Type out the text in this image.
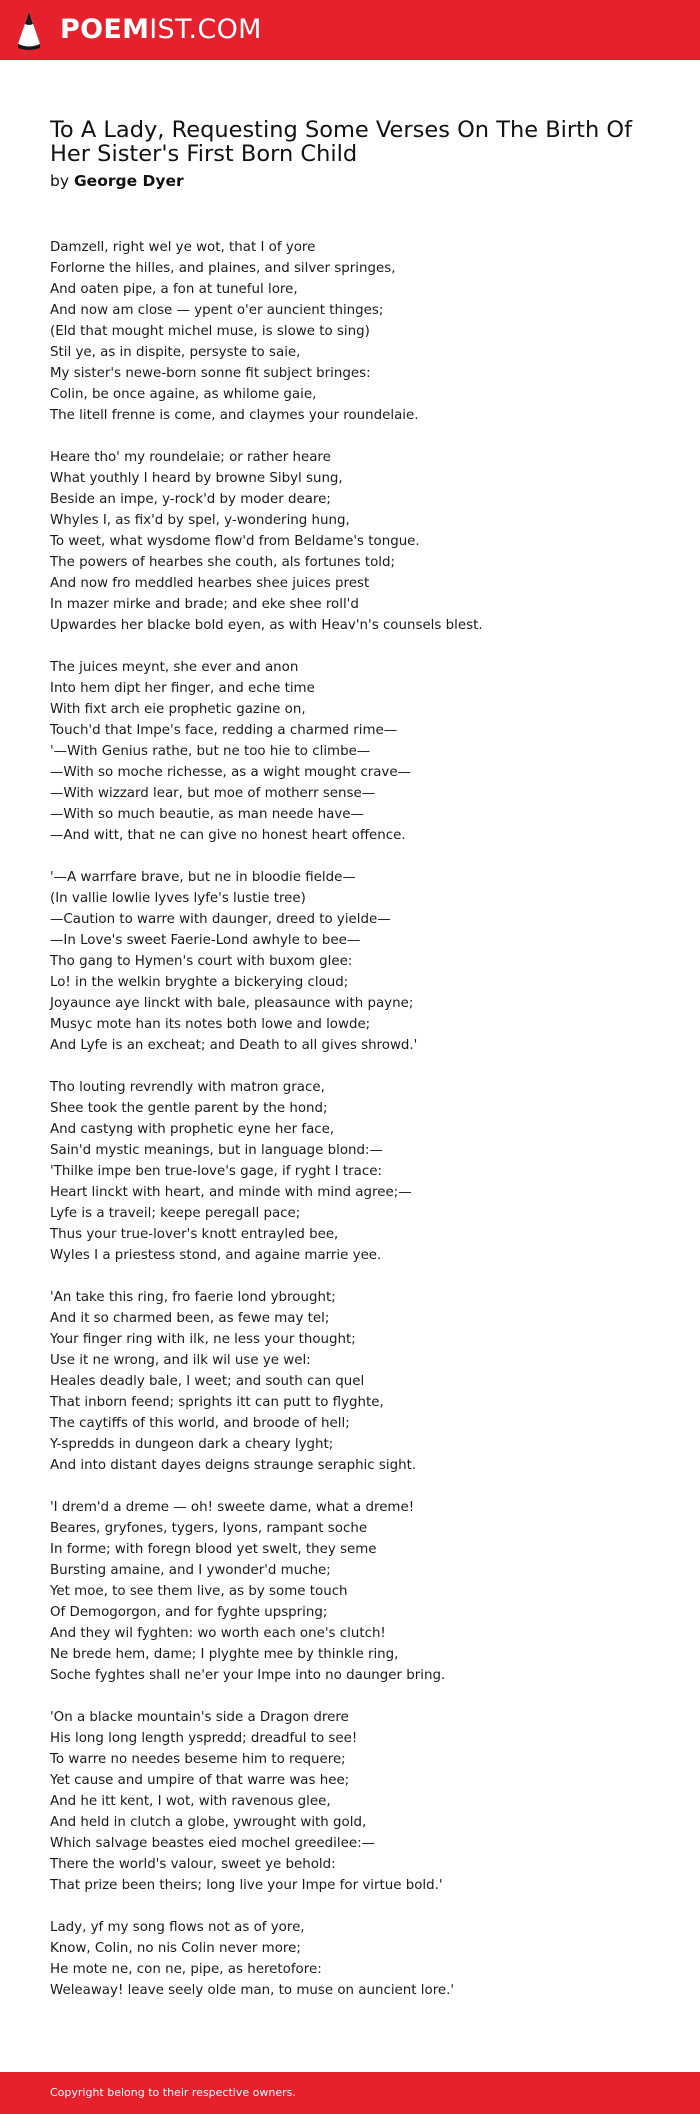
POEMIST.COM
To A Lady, Requesting Some Verses On The Birth Of Her Sister's First Born Child
by George Dyer
Damzell, right wel ye wot, that I of yore
Forlorne the hilles, and plaines, and silver springes,
And oaten pipe, a fon at tuneful lore,
And now am close — ypent o'er auncient thinges;
(Eld that mought michel muse, is slowe to sing)
Stil ye, as in dispite, persyste to saie,
My sister's newe-born sonne fit subject bringes:
Colin, be once againe, as whilome gaie,
The litell frenne is come, and claymes your roundelaie.
Heare tho' my roundelaie; or rather heare
What youthly I heard by browne Sibyl sung,
Beside an impe, y-rock'd by moder deare;
Whyles I, as fix'd by spel, y-wondering hung,
To weet, what wysdome flow'd from Beldame's tongue.
The powers of hearbes she couth, als fortunes told;
And now fro meddled hearbes shee juices prest
In mazer mirke and brade; and eke shee roll'd
Upwardes her blacke bold eyen, as with Heav'n's counsels blest.
The juices meynt, she ever and anon
Into hem dipt her finger, and eche time
With fixt arch eie prophetic gazine on,
Touch'd that Impe's face, redding a charmed rime—
'—With Genius rathe, but ne too hie to climbe—
—With so moche richesse, as a wight mought crave—
—With wizzard lear, but moe of motherr sense—
—With so much beautie, as man neede have—
—And witt, that ne can give no honest heart offence.
'—A warrfare brave, but ne in bloodie fielde—
(In vallie lowlie lyves lyfe's lustie tree)
—Caution to warre with daunger, dreed to yielde—
—In Love's sweet Faerie-Lond awhyle to bee—
Tho gang to Hymen's court with buxom glee:
Lo! in the welkin bryghte a bickerying cloud;
Joyaunce aye linckt with bale, pleasaunce with payne;
Musyc mote han its notes both lowe and lowde;
And Lyfe is an excheat; and Death to all gives shrowd.'
Tho louting revrendly with matron grace,
Shee took the gentle parent by the hond;
And castyng with prophetic eyne her face,
Sain'd mystic meanings, but in language blond:—
'Thilke impe ben true-love's gage, if ryght I trace:
Heart linckt with heart, and minde with mind agree;—
Lyfe is a traveil; keepe peregall pace;
Thus your true-lover's knott entrayled bee,
Wyles I a priestess stond, and againe marrie yee.
'An take this ring, fro faerie lond ybrought;
And it so charmed been, as fewe may tel;
Your finger ring with ilk, ne less your thought;
Use it ne wrong, and ilk wil use ye wel:
Heales deadly bale, I weet; and south can quel
That inborn feend; sprights itt can putt to flyghte,
The caytiffs of this world, and broode of hell;
Y-spredds in dungeon dark a cheary lyght;
And into distant dayes deigns straunge seraphic sight.
'I drem'd a dreme — oh! sweete dame, what a dreme!
Beares, gryfones, tygers, lyons, rampant soche
In forme; with foregn blood yet swelt, they seme
Bursting amaine, and I ywonder'd muche;
Yet moe, to see them live, as by some touch
Of Demogorgon, and for fyghte upspring;
And they wil fyghten: wo worth each one's clutch!
Ne brede hem, dame; I plyghte mee by thinkle ring,
Soche fyghtes shall ne'er your Impe into no daunger bring.
'On a blacke mountain's side a Dragon drere
His long long length yspredd; dreadful to see!
To warre no needes beseme him to requere;
Yet cause and umpire of that warre was hee;
And he itt kent, I wot, with ravenous glee,
And held in clutch a globe, ywrought with gold,
Which salvage beastes eied mochel greedilee:—
There the world's valour, sweet ye behold:
That prize been theirs; long live your Impe for virtue bold.'
Lady, yf my song flows not as of yore,
Know, Colin, no nis Colin never more;
He mote ne, con ne, pipe, as heretofore:
Weleaway! leave seely olde man, to muse on auncient lore.'
Copyright belong to their respective owners.
